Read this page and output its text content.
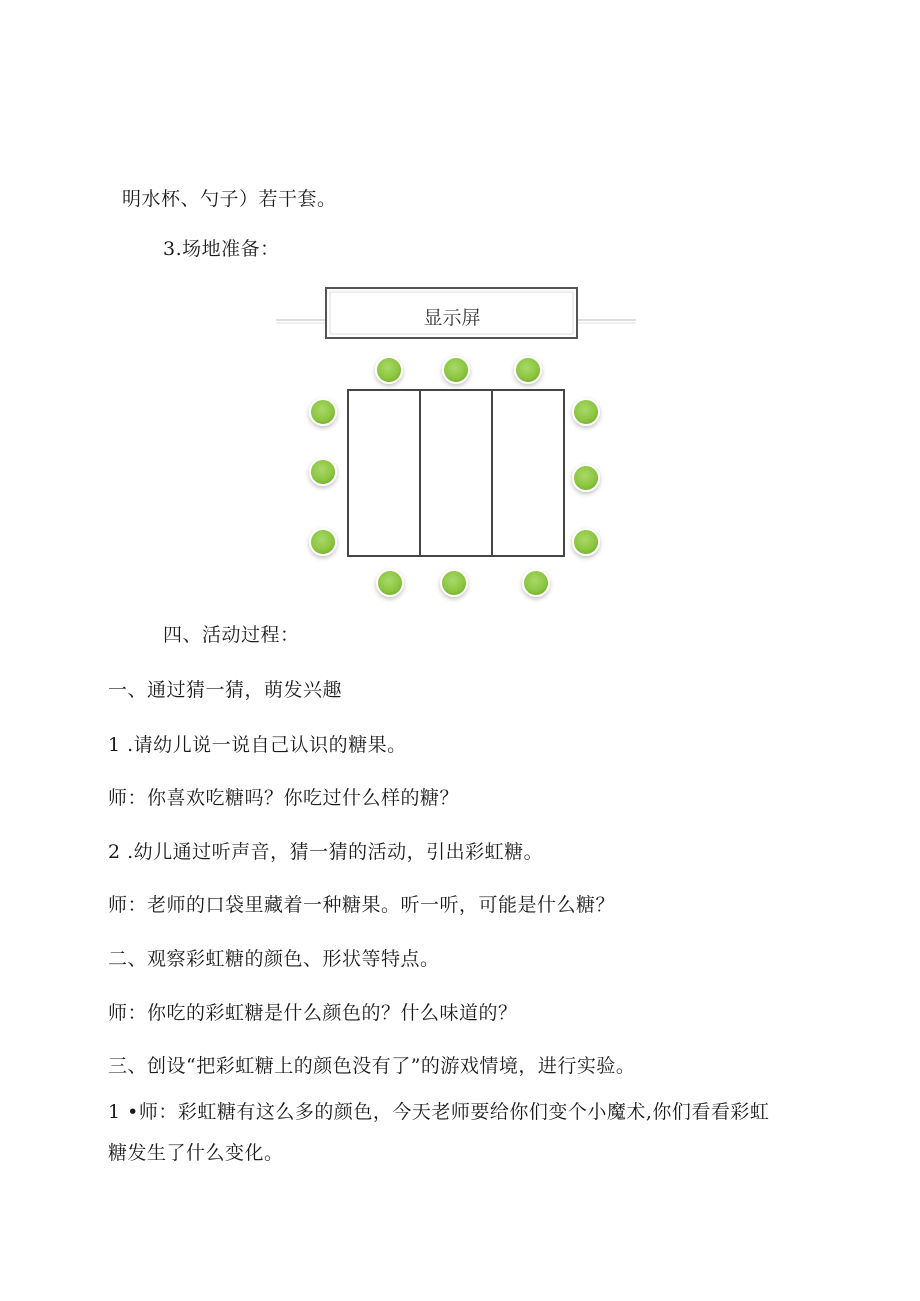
明水杯、勺子）若干套。
3.场地准备：
显示屏
四、活动过程：
一、通过猜一猜，萌发兴趣
1 .请幼儿说一说自己认识的糖果。
师：你喜欢吃糖吗？你吃过什么样的糖？
2 .幼儿通过听声音，猜一猜的活动，引出彩虹糖。
师：老师的口袋里藏着一种糖果。听一听，可能是什么糖？
二、观察彩虹糖的颜色、形状等特点。
师：你吃的彩虹糖是什么颜色的？什么味道的？
三、创设“把彩虹糖上的颜色没有了”的游戏情境，进行实验。
1 •师：彩虹糖有这么多的颜色，今天老师要给你们变个小魔术,你们看看彩虹
糖发生了什么变化。
